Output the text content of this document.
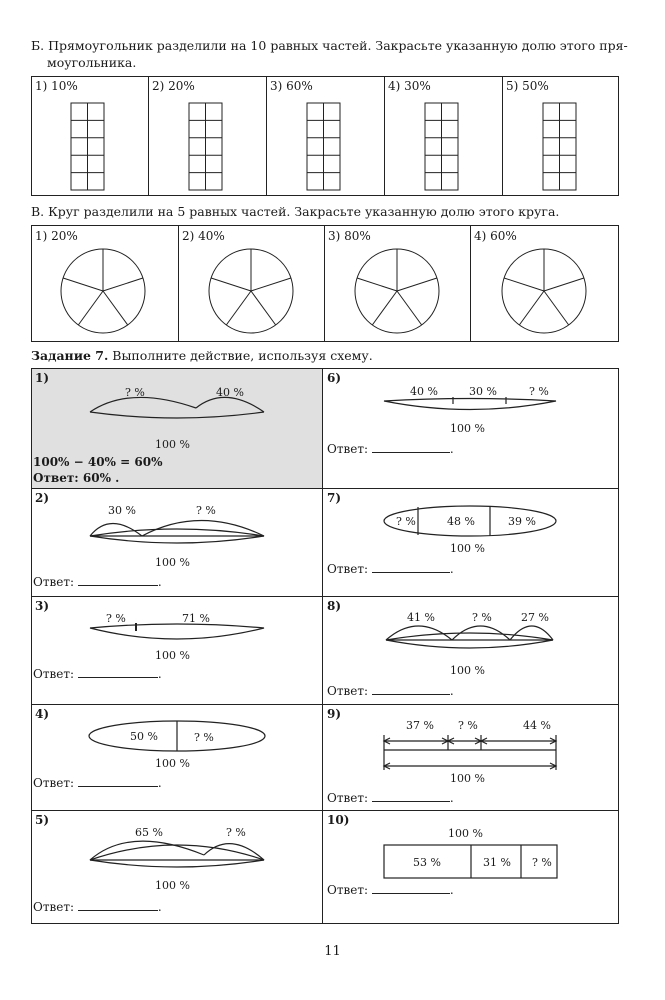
Б. Прямоугольник разделили на 10 равных частей. Закрасьте указанную долю этого пря-
моугольника.
1) 10%	2) 20%	3) 60%	4) 30%	5) 50%
В. Круг разделили на 5 равных частей. Закрасьте указанную долю этого круга.
1) 20%	2) 40%	3) 80%	4) 60%
Задание 7. Выполните действие, используя схему.
1)
2)
3)
4)
5)
6)
7)
8)
9)
10)
100% − 40% = 60%
Ответ: 60% .
Ответ:	.
Ответ:	.
Ответ:	.
Ответ:	.
Ответ:	.
Ответ:	.
Ответ:	.
Ответ:	.
Ответ:	.
? %	40 %
100 %
30 %	? %
100 %
? %	71 %
100 %
50 %	? %
100 %
65 %	? %
100 %
40 %	30 %	? %
100 %
? %	48 %	39 %
100 %
41 %	? %	27 %
100 %
37 % ? %	44 %
100 %
100 %
53 %	31 % ? %
11
